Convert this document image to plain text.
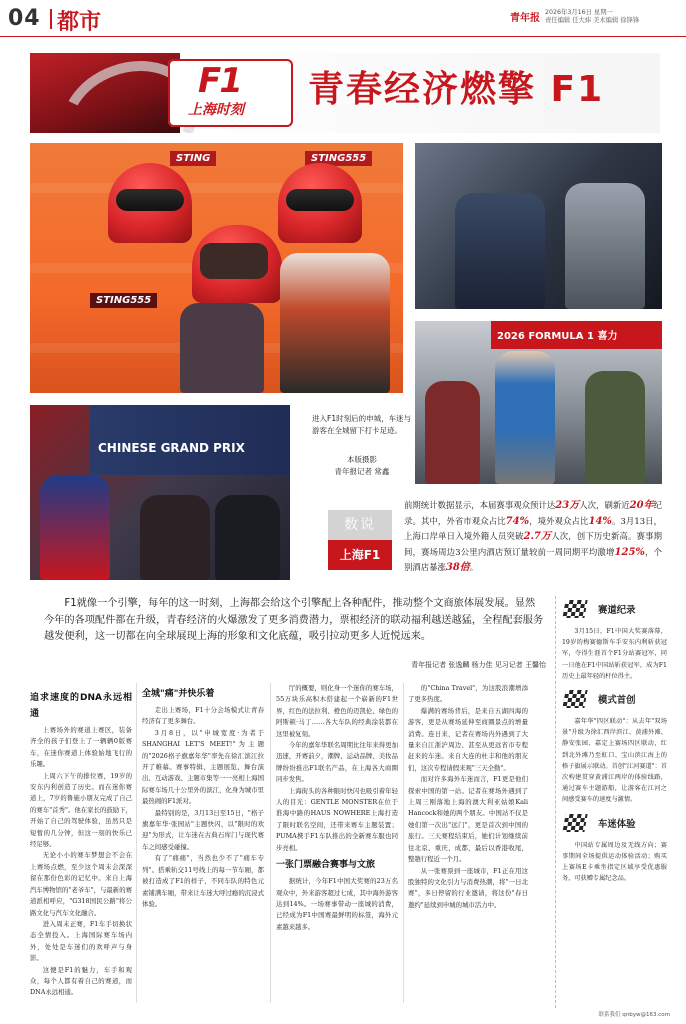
04 都市	青年报
2026年3月16日 星期一
责任编辑 任大炜 美术编辑 徐锋锋
F1
上海时刻 青春经济燃擎 F1
STING	STING555
STING555
2026 FORMULA 1 喜力
CHINESE GRAND PRIX
进入F1时刻后的申城，车迷与游客在全城留下打卡足迹。
本版摄影
青年报记者 常鑫
数说
上海F1
前期统计数据显示，本届赛事观众预计达23万人次，刷新近20年纪录。其中，外省市观众占比74%，境外观众占比14%。3月13日，上海口岸单日入境外籍人员突破2.7万人次，创下历史新高。赛事期间，赛场周边3公里内酒店预订量较前一周同期平均激增125%，个别酒店暴涨38倍。
F1就像一个引擎，每年的这一时刻，上海都会给这个引擎配上各种配件，推动整个文商旅体展发展。显然今年的各项配件都在升级，青春经济的火爆激发了更多消费潜力，票根经济的联动福利越送越猛，全程配套服务越发便利，这一切都在向全球展现上海的形象和文化底蕴，吸引拉动更多人近悦远来。
青年报记者 张逸麟 杨力佳 见习记者 王馨怡
追求速度的DNA永远相通

上赛场外的赛道上赛区，装备齐全的孩子们登上了一辆辆0版赛车，在迷你赛道上体验始地飞行的乐趣。

上周六下午的排位赛，19岁的安东内利创造了历史。而在迷你赛道上，7岁的鲁施小朋友完成了自己的赛车"首秀"。他在家长的鼓励下，开始了自己的驾驶体验，虽然只是短暂的几分钟，但这一刻的快乐已经足够。

无论小小的赛车梦想会不会在上赛场点燃，至少这个周末会深深留在那份色彩的记忆中。来自上海汽车博物馆的"老爷车"，与最新的赛道派相呼应，"G318国民公路"将公路文化与汽车文化融合。

进入周末正赛，F1车手切换状态全情投入。上海国际赛车场内外，处处是车迷们的欢呼声与身影。

这便是F1的魅力，车手和观众，每个人都有着自己的赛道，而DNA永远相通。

全城"痛"并快乐着

走出上赛场，F1十分会场模式让青春经济有了更多舞台。

3月8日，以"申城宽度·为者于SHANGHAI LET'S MEET!"为主题的"2026格子旗嘉年华"率先在徐汇滨江拉开了帷幕。赛事特辑、主题展览、舞台演出、互动游戏、主题市集等一一亮相上海国际赛车场几十公里外的滨江，化身为城市里最热闹的F1派对。

最特别的是，3月13日至15日，"格子旗嘉年华·张园站"主题快闪，以"限时的欢迎"为形式，让车迷在古典石库门与现代赛车之间感受碰撞。

有了"痛痛"，当然也少不了"痛车专列"。搭乘轨交11号线上的每一节车厢，都被打造成了F1的样子，不同车队的特色元素铺满车厢，带来让车迷大呼过瘾的沉浸式体验。

厅的概要，则化身一个迷你的赛车场，55万块乐高积木搭建起一个崭新的F1世界，红色的法拉利、橙色的迈凯伦、绿色的阿斯顿·马丁……各大车队的经典涂装都在这里被复刻。

今年的嘉年华联名周期比往年来得更加迅速，开赛前夕，潮牌、运动品牌、美妆品牌纷纷推出F1联名产品，在上海各大商圈同步发售。

上海街头的各种限时快闪也吸引着年轻人的目光：GENTLE MONSTER在位于淮海中路的HAUS NOWHERE上海打造了限时联名空间，还带来赛车主题装置；PUMA携手F1车队推出的全新赛车服也同步亮相。

一张门票融合赛事与文旅

据统计，今年F1中国大奖赛的23万名观众中，外来游客超过七成，其中海外游客达到14%。一场赛事带动一座城的消费，已经成为F1中国赛最鲜明的标签，海外元素越来越多。

的"China Travel"，为这股浪潮增添了更多热度。

爆满的赛场背后，是来自五湖四海的游客，更是从赛场延伸至商圈景点的增量消费。连日来，记者在赛场内外遇到了大量来自江浙沪周边、甚至从更远省市专程赶来的车迷。来自大连的杜丰和他的朋友们，这次专程请假来观"三天全勤"。

而对许多海外车迷而言，F1更是他们探索中国的第一站。记者在赛场外遇到了上周三刚落地上海的澳大利亚姑娘Kali Hancock和她的两个朋友。中国站不仅是她们第一次出"远门"，更是首次到中国的旅行。三天赛程结束后，她们计划继续前往北京、重庆、成都，最后以香港收尾，整趟行程近一个月。

从一张赛票到一座城市，F1正在用这股独特的文化引力与消费热潮，将"一日北赛"，多日停留的行业邀请，将这份"春日邀约"延续到申城的城市活力中。

赛道纪录
3月15日，F1中国大奖赛落幕，19岁的梅赛德斯车手安东内利斩获冠军，夺得生涯首个F1分站赛冠军，同一日他在F1中国站斩获冠军，成为F1历史上最年轻的杆位得主。
模式首创
嘉年华"四区联动"：从去年"双场景"升级为徐汇西岸滨江、黄浦外滩、静安张园、嘉定上赛场四区联动，红到北外滩乃至虹口、宝山滨江海上的格子旗展示联动。首创"江河赛道"：首次构建贯穿黄浦江两岸的体验线路，通过赛车主题游船，让游客在江河之间感受赛车的速度与激情。
车迷体验
中国站专属周边及无线方向；赛事期间全场提供运动体验活动；购买上赛场E卡乘坐指定区域享受优惠服务，可获赠专属纪念品。
联系我们 qnbyw@163.com
